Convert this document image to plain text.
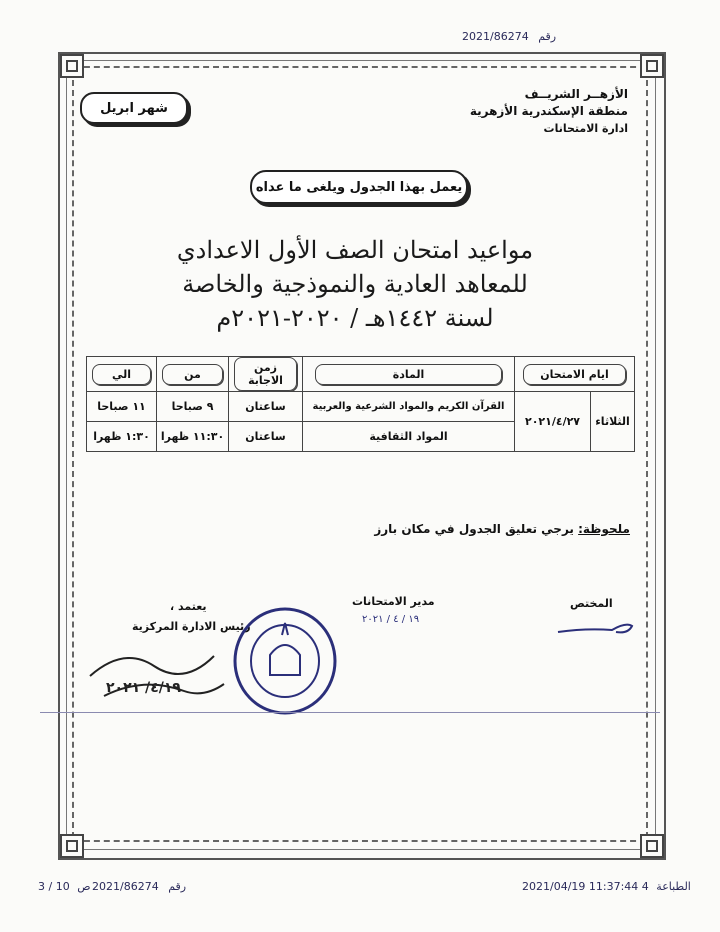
2021/86274 رقم
الأزهــر الشريــف
منطقة الإسكندرية الأزهرية
ادارة الامتحانات
شهر ابريل
يعمل بهذا الجدول ويلغى ما عداه
مواعيد امتحان الصف الأول الاعدادي
للمعاهد العادية والنموذجية والخاصة
لسنة ١٤٤٢هـ / ٢٠٢٠-٢٠٢١م
ايام الامتحان		المادة	زمن الاجابة	من	الي
الثلاثاء	٢٠٢١/٤/٢٧	القرآن الكريم والمواد الشرعية والعربية	ساعتان	٩ صباحا	١١ صباحا
		المواد الثقافية	ساعتان	١١:٣٠ ظهرا	١:٣٠ ظهرا
ملحوظة: يرجي تعليق الجدول في مكان بارز
المختص
مدير الامتحانات
١٩ / ٤ / ٢٠٢١
يعتمد ،
رئيس الادارة المركزية
٤/١٩/ ٢٠٢١
3 / 10 ص 2021/86274 رقم	2021/04/19 11:37:44 ‎4 الطباعة
